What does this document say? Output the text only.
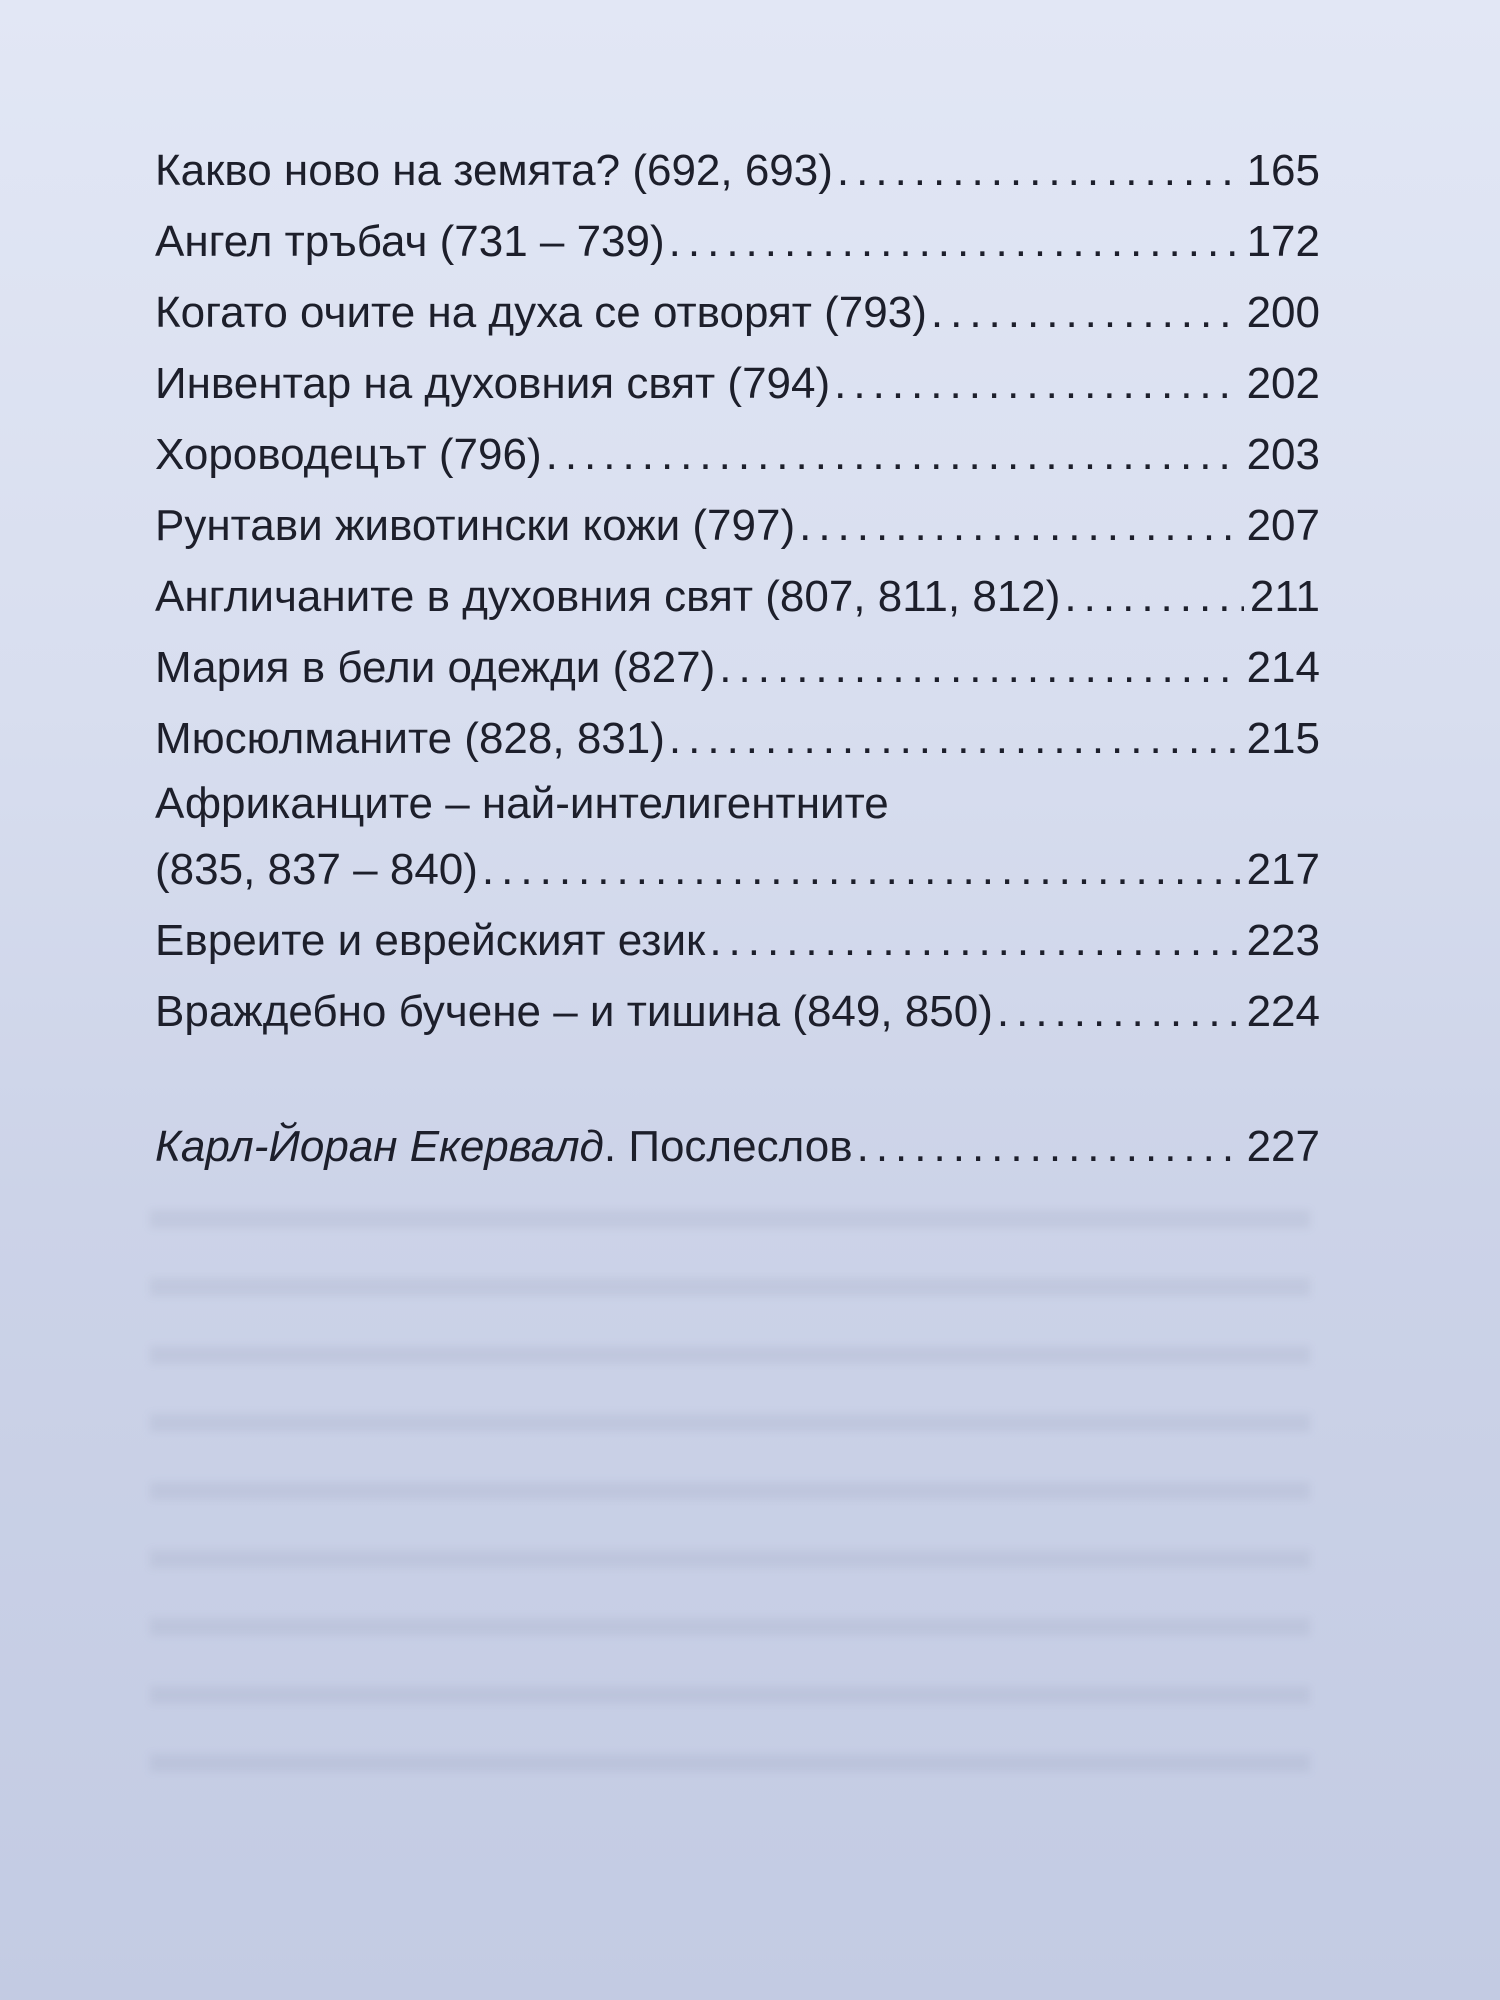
Какво ново на земята? (692, 693) .....	165
Ангел тръбач (731 – 739) .....	172
Когато очите на духа се отворят (793) .....	200
Инвентар на духовния свят (794) .....	202
Хороводецът (796) .....	203
Рунтави животински кожи (797) .....	207
Англичаните в духовния свят (807, 811, 812) .....	211
Мария в бели одежди (827) .....	214
Мюсюлманите (828, 831) .....	215
Африканците – най-интелигентните
(835, 837 – 840) .....	217
Евреите и еврейският език .....	223
Враждебно бучене – и тишина (849, 850) .....	224
Карл-Йоран Екервалд. Послеслов .....	227
